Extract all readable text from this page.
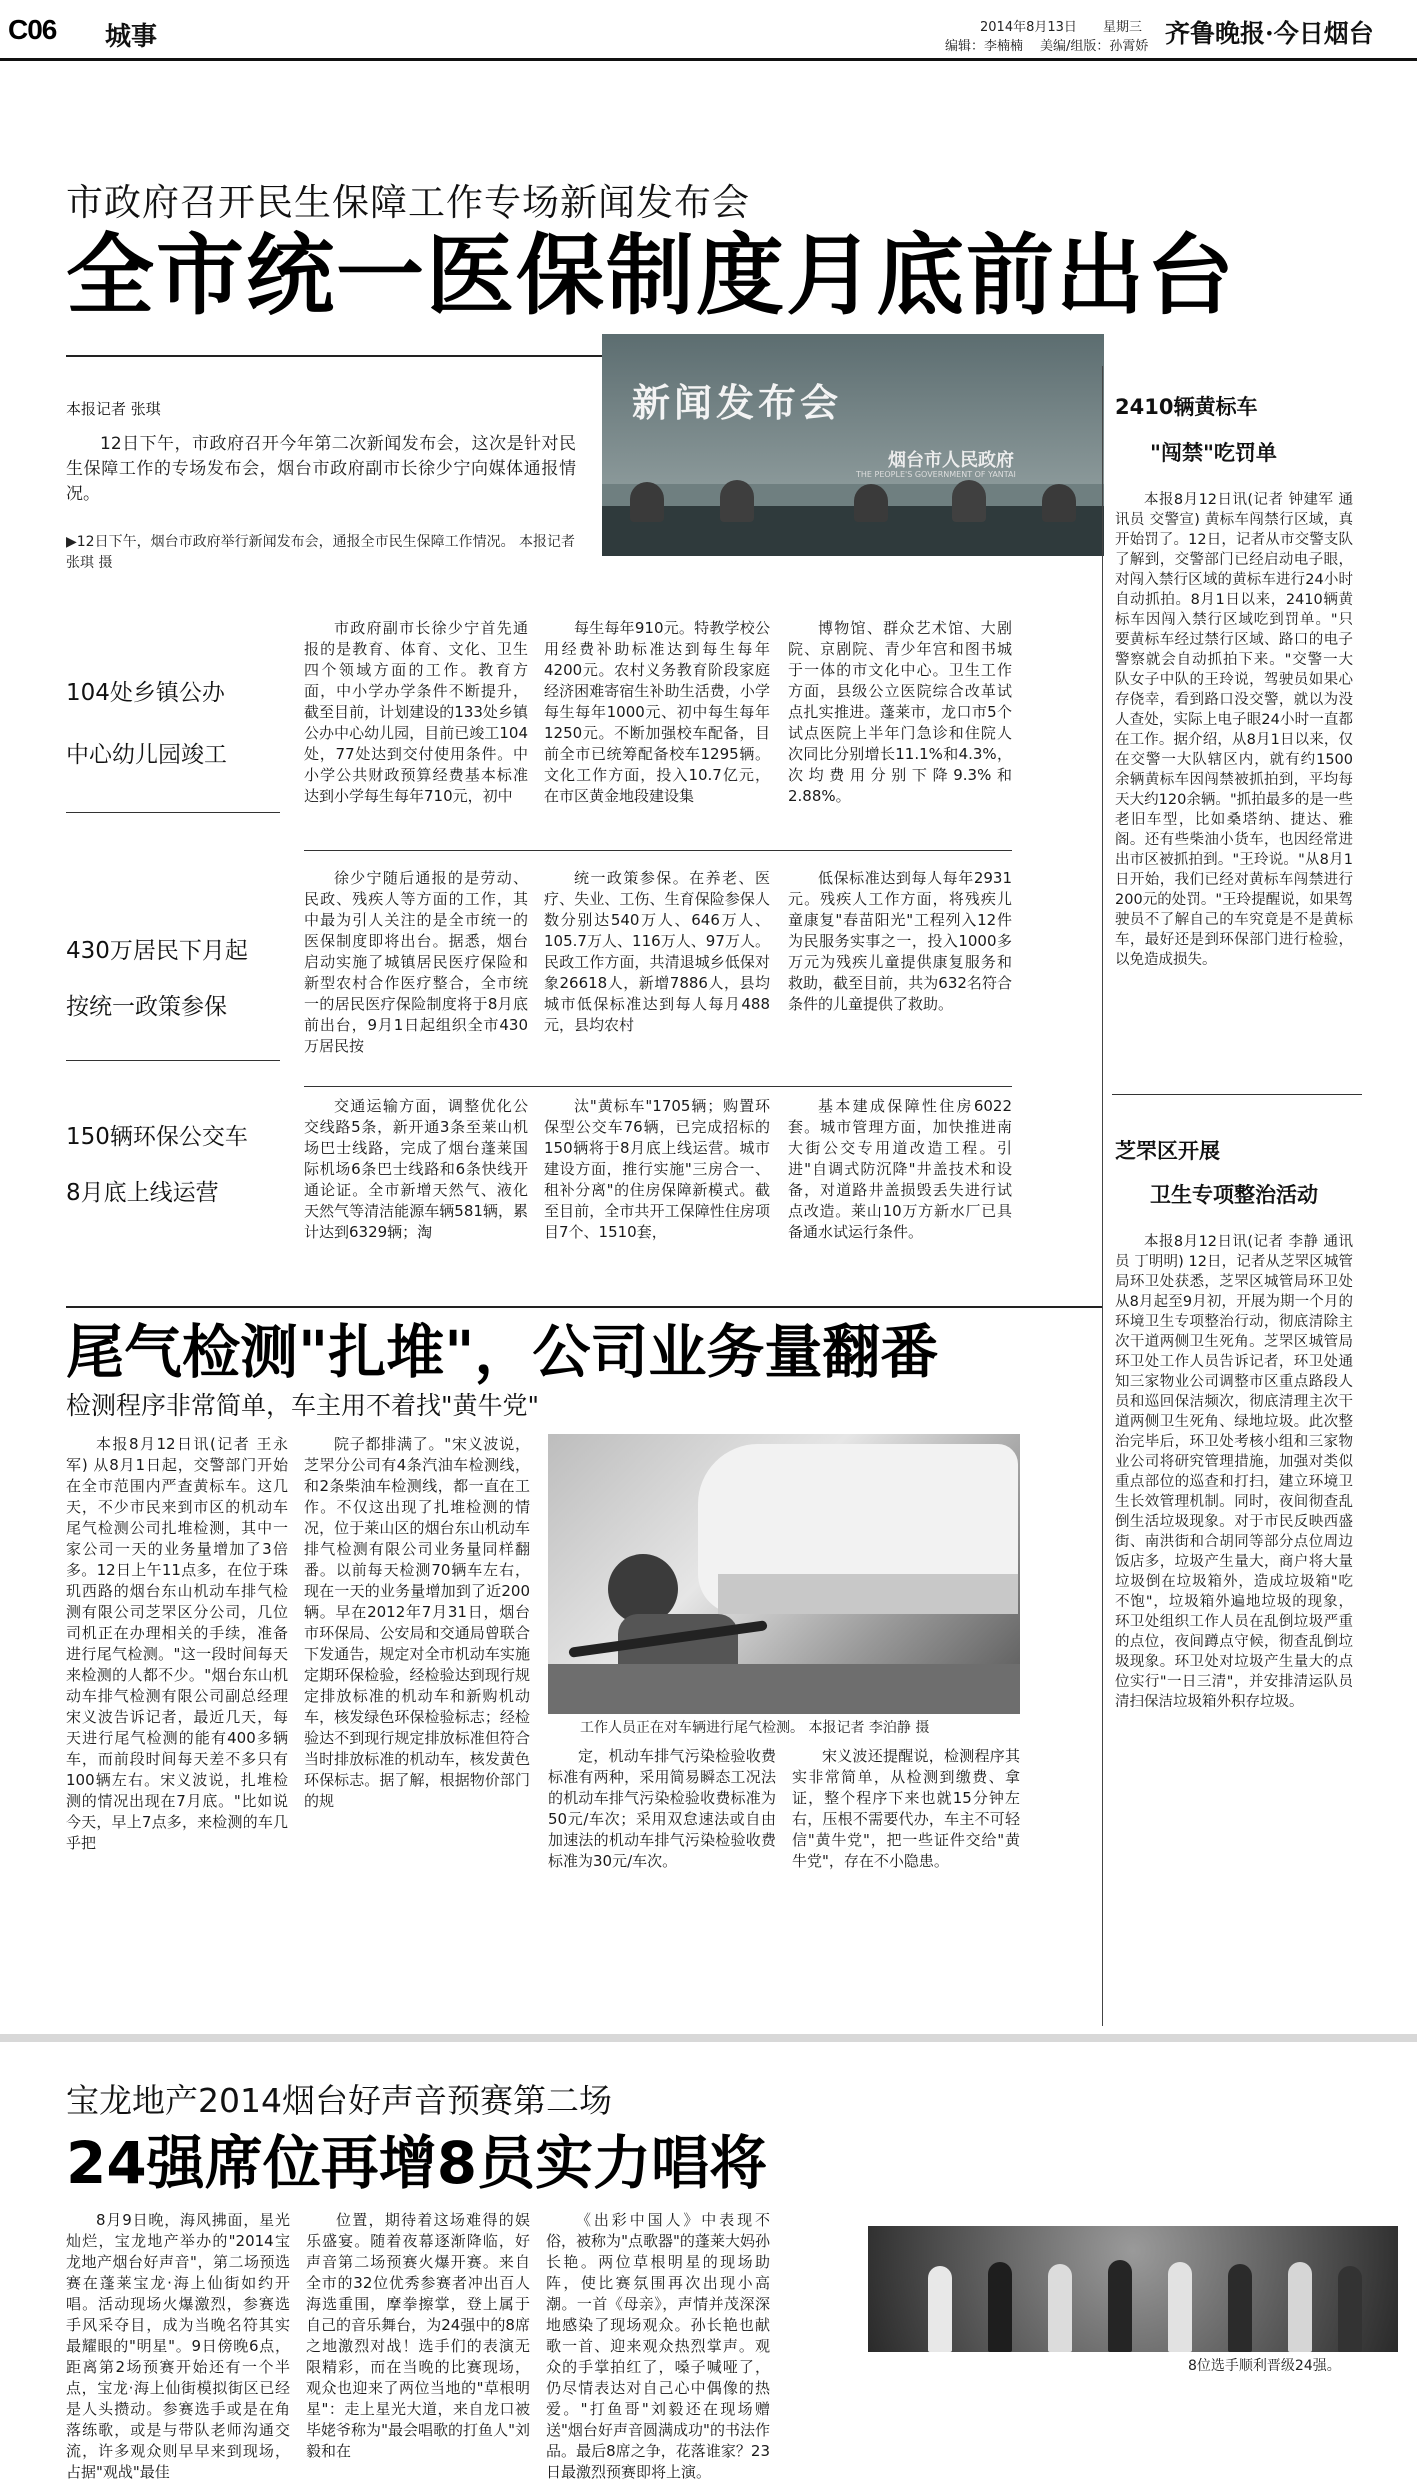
C06 城事	2014年8月13日 星期三
编辑：李楠楠 美编/组版：孙霄娇 齐鲁晚报·今日烟台
市政府召开民生保障工作专场新闻发布会
全市统一医保制度月底前出台
本报记者 张琪

12日下午，市政府召开今年第二次新闻发布会，这次是针对民生保障工作的专场发布会，烟台市政府副市长徐少宁向媒体通报情况。

新闻发布会
烟台市人民政府
THE PEOPLE'S GOVERNMENT OF YANTAI
▶12日下午，烟台市政府举行新闻发布会，通报全市民生保障工作情况。 本报记者 张琪 摄
104处乡镇公办
中心幼儿园竣工
430万居民下月起
按统一政策参保
150辆环保公交车
8月底上线运营

市政府副市长徐少宁首先通报的是教育、体育、文化、卫生四个领域方面的工作。教育方面，中小学办学条件不断提升，截至目前，计划建设的133处乡镇公办中心幼儿园，目前已竣工104处，77处达到交付使用条件。中小学公共财政预算经费基本标准达到小学每生每年710元，初中

每生每年910元。特教学校公用经费补助标准达到每生每年4200元。农村义务教育阶段家庭经济困难寄宿生补助生活费，小学每生每年1000元、初中每生每年1250元。不断加强校车配备，目前全市已统筹配备校车1295辆。文化工作方面，投入10.7亿元，在市区黄金地段建设集

博物馆、群众艺术馆、大剧院、京剧院、青少年宫和图书城于一体的市文化中心。卫生工作方面，县级公立医院综合改革试点扎实推进。蓬莱市，龙口市5个试点医院上半年门急诊和住院人次同比分别增长11.1%和4.3%，次均费用分别下降9.3%和2.88%。

徐少宁随后通报的是劳动、民政、残疾人等方面的工作，其中最为引人关注的是全市统一的医保制度即将出台。据悉，烟台启动实施了城镇居民医疗保险和新型农村合作医疗整合，全市统一的居民医疗保险制度将于8月底前出台，9月1日起组织全市430万居民按

统一政策参保。在养老、医疗、失业、工伤、生育保险参保人数分别达540万人、646万人、105.7万人、116万人、97万人。民政工作方面，共清退城乡低保对象26618人，新增7886人，县均城市低保标准达到每人每月488元，县均农村

低保标准达到每人每年2931元。残疾人工作方面，将残疾儿童康复"春苗阳光"工程列入12件为民服务实事之一，投入1000多万元为残疾儿童提供康复服务和救助，截至目前，共为632名符合条件的儿童提供了救助。

交通运输方面，调整优化公交线路5条，新开通3条至莱山机场巴士线路，完成了烟台蓬莱国际机场6条巴士线路和6条快线开通论证。全市新增天然气、液化天然气等清洁能源车辆581辆，累计达到6329辆；淘

汰"黄标车"1705辆；购置环保型公交车76辆，已完成招标的150辆将于8月底上线运营。城市建设方面，推行实施"三房合一、租补分离"的住房保障新模式。截至目前，全市共开工保障性住房项目7个、1510套，

基本建成保障性住房6022套。城市管理方面，加快推进南大街公交专用道改造工程。引进"自调式防沉降"井盖技术和设备，对道路井盖损毁丢失进行试点改造。莱山10万方新水厂已具备通水试运行条件。

2410辆黄标车
"闯禁"吃罚单

本报8月12日讯(记者 钟建军 通讯员 交警宣) 黄标车闯禁行区域，真开始罚了。12日，记者从市交警支队了解到，交警部门已经启动电子眼，对闯入禁行区域的黄标车进行24小时自动抓拍。8月1日以来，2410辆黄标车因闯入禁行区域吃到罚单。"只要黄标车经过禁行区域、路口的电子警察就会自动抓拍下来。"交警一大队女子中队的王玲说，驾驶员如果心存侥幸，看到路口没交警，就以为没人查处，实际上电子眼24小时一直都在工作。据介绍，从8月1日以来，仅在交警一大队辖区内，就有约1500余辆黄标车因闯禁被抓拍到，平均每天大约120余辆。"抓拍最多的是一些老旧车型，比如桑塔纳、捷达、雅阁。还有些柴油小货车，也因经常进出市区被抓拍到。"王玲说。"从8月1日开始，我们已经对黄标车闯禁进行200元的处罚。"王玲提醒说，如果驾驶员不了解自己的车究竟是不是黄标车，最好还是到环保部门进行检验，以免造成损失。

芝罘区开展
卫生专项整治活动

本报8月12日讯(记者 李静 通讯员 丁明明) 12日，记者从芝罘区城管局环卫处获悉，芝罘区城管局环卫处从8月起至9月初，开展为期一个月的环境卫生专项整治行动，彻底清除主次干道两侧卫生死角。芝罘区城管局环卫处工作人员告诉记者，环卫处通知三家物业公司调整市区重点路段人员和巡回保洁频次，彻底清理主次干道两侧卫生死角、绿地垃圾。此次整治完毕后，环卫处考核小组和三家物业公司将研究管理措施，加强对类似重点部位的巡查和打扫，建立环境卫生长效管理机制。同时，夜间彻查乱倒生活垃圾现象。对于市民反映西盛街、南洪街和合胡同等部分点位周边饭店多，垃圾产生量大，商户将大量垃圾倒在垃圾箱外，造成垃圾箱"吃不饱"，垃圾箱外遍地垃圾的现象，环卫处组织工作人员在乱倒垃圾严重的点位，夜间蹲点守候，彻查乱倒垃圾现象。环卫处对垃圾产生量大的点位实行"一日三清"，并安排清运队员清扫保洁垃圾箱外积存垃圾。

尾气检测"扎堆"，公司业务量翻番
检测程序非常简单，车主用不着找"黄牛党"

本报8月12日讯(记者 王永军) 从8月1日起，交警部门开始在全市范围内严查黄标车。这几天，不少市民来到市区的机动车尾气检测公司扎堆检测，其中一家公司一天的业务量增加了3倍多。12日上午11点多，在位于珠玑西路的烟台东山机动车排气检测有限公司芝罘区分公司，几位司机正在办理相关的手续，准备进行尾气检测。"这一段时间每天来检测的人都不少。"烟台东山机动车排气检测有限公司副总经理宋义波告诉记者，最近几天，每天进行尾气检测的能有400多辆车，而前段时间每天差不多只有100辆左右。宋义波说，扎堆检测的情况出现在7月底。"比如说今天，早上7点多，来检测的车几乎把

院子都排满了。"宋义波说，芝罘分公司有4条汽油车检测线，和2条柴油车检测线，都一直在工作。不仅这出现了扎堆检测的情况，位于莱山区的烟台东山机动车排气检测有限公司业务量同样翻番。以前每天检测70辆车左右，现在一天的业务量增加到了近200辆。早在2012年7月31日，烟台市环保局、公安局和交通局曾联合下发通告，规定对全市机动车实施定期环保检验，经检验达到现行规定排放标准的机动车和新购机动车，核发绿色环保检验标志；经检验达不到现行规定排放标准但符合当时排放标准的机动车，核发黄色环保标志。据了解，根据物价部门的规

工作人员正在对车辆进行尾气检测。 本报记者 李泊静 摄

定，机动车排气污染检验收费标准有两种，采用简易瞬态工况法的机动车排气污染检验收费标准为50元/车次；采用双怠速法或自由加速法的机动车排气污染检验收费标准为30元/车次。

宋义波还提醒说，检测程序其实非常简单，从检测到缴费、拿证，整个程序下来也就15分钟左右，压根不需要代办，车主不可轻信"黄牛党"，把一些证件交给"黄牛党"，存在不小隐患。

宝龙地产2014烟台好声音预赛第二场
24强席位再增8员实力唱将

8月9日晚，海风拂面，星光灿烂，宝龙地产举办的"2014宝龙地产烟台好声音"，第二场预选赛在蓬莱宝龙·海上仙街如约开唱。活动现场火爆激烈，参赛选手风采夺目，成为当晚名符其实最耀眼的"明星"。9日傍晚6点，距离第2场预赛开始还有一个半点，宝龙·海上仙街模拟街区已经是人头攒动。参赛选手或是在角落练歌，或是与带队老师沟通交流，许多观众则早早来到现场，占据"观战"最佳

位置，期待着这场难得的娱乐盛宴。随着夜幕逐渐降临，好声音第二场预赛火爆开赛。来自全市的32位优秀参赛者冲出百人海选重围，摩拳擦掌，登上属于自己的音乐舞台，为24强中的8席之地激烈对战！选手们的表演无限精彩，而在当晚的比赛现场，观众也迎来了两位当地的"草根明星"：走上星光大道，来自龙口被毕姥爷称为"最会唱歌的打鱼人"刘毅和在

《出彩中国人》中表现不俗，被称为"点歌器"的蓬莱大妈孙长艳。两位草根明星的现场助阵，使比赛氛围再次出现小高潮。一首《母亲》，声情并茂深深地感染了现场观众。孙长艳也献歌一首、迎来观众热烈掌声。观众的手掌拍红了，嗓子喊哑了，仍尽情表达对自己心中偶像的热爱。"打鱼哥"刘毅还在现场赠送"烟台好声音圆满成功"的书法作品。最后8席之争，花落谁家？23日最激烈预赛即将上演。

8位选手顺利晋级24强。
